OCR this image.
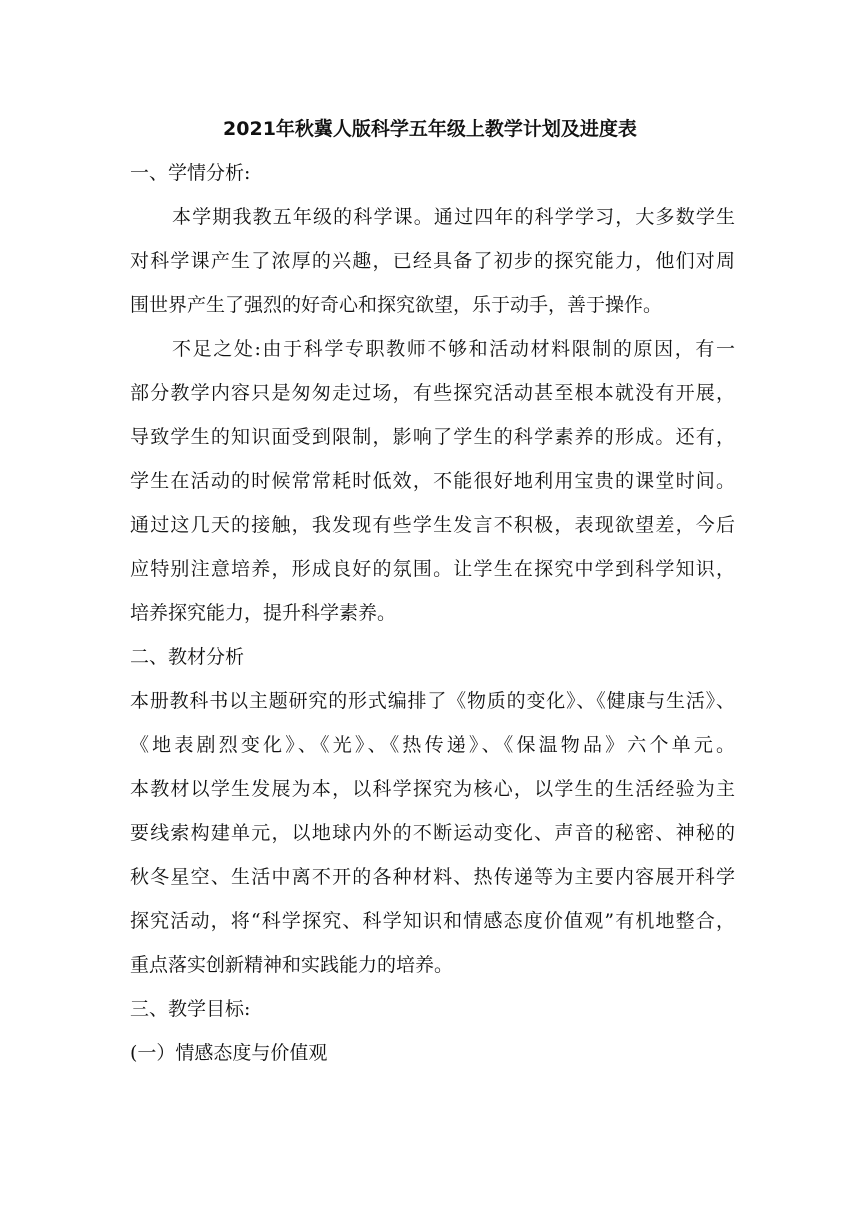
2021年秋冀人版科学五年级上教学计划及进度表
一、学情分析:
本学期我教五年级的科学课。通过四年的科学学习，大多数学生
对科学课产生了浓厚的兴趣，已经具备了初步的探究能力，他们对周
围世界产生了强烈的好奇心和探究欲望，乐于动手，善于操作。
不足之处:由于科学专职教师不够和活动材料限制的原因，有一
部分教学内容只是匆匆走过场，有些探究活动甚至根本就没有开展，
导致学生的知识面受到限制，影响了学生的科学素养的形成。还有，
学生在活动的时候常常耗时低效，不能很好地利用宝贵的课堂时间。
通过这几天的接触，我发现有些学生发言不积极，表现欲望差，今后
应特别注意培养，形成良好的氛围。让学生在探究中学到科学知识，
培养探究能力，提升科学素养。
二、教材分析
本册教科书以主题研究的形式编排了《物质的变化》、《健康与生活》、
《地表剧烈变化》、《光》、《热传递》、《保温物品》六个单元。
本教材以学生发展为本，以科学探究为核心，以学生的生活经验为主
要线索构建单元，以地球内外的不断运动变化、声音的秘密、神秘的
秋冬星空、生活中离不开的各种材料、热传递等为主要内容展开科学
探究活动，将“科学探究、科学知识和情感态度价值观”有机地整合，
重点落实创新精神和实践能力的培养。
三、教学目标:
(一）情感态度与价值观
